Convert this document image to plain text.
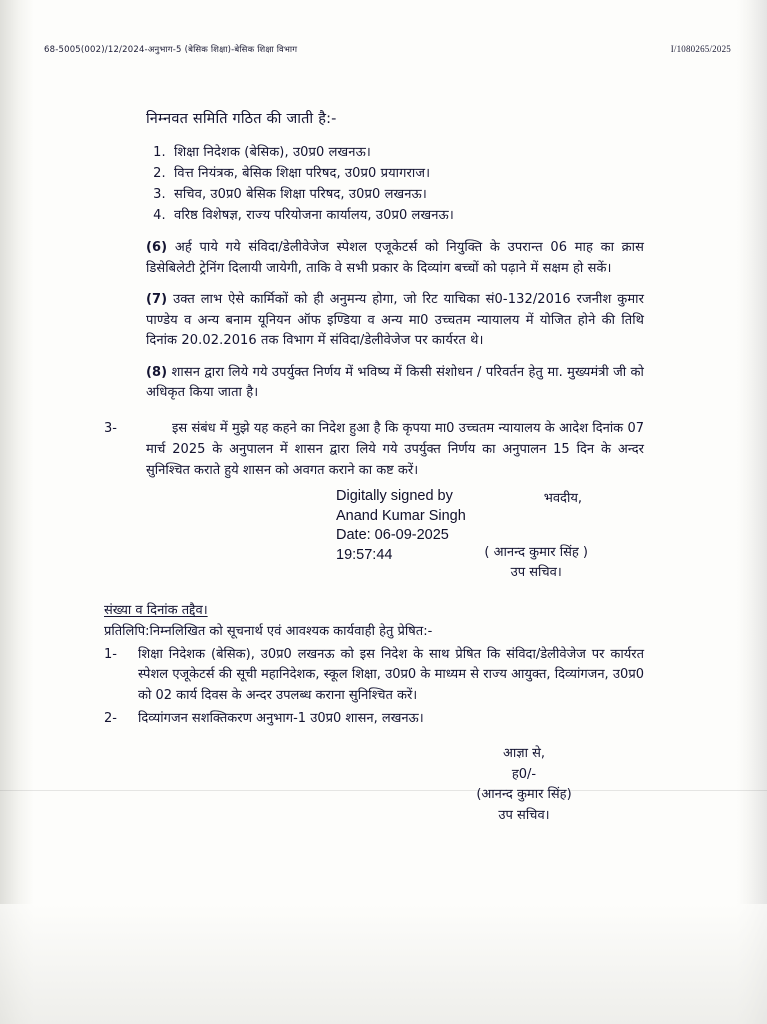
68-5005(002)/12/2024-अनुभाग-5 (बेसिक शिक्षा)-बेसिक शिक्षा विभाग	I/1080265/2025
निम्नवत समिति गठित की जाती है:-
1. शिक्षा निदेशक (बेसिक), उ0प्र0 लखनऊ।
2. वित्त नियंत्रक, बेसिक शिक्षा परिषद, उ0प्र0 प्रयागराज।
3. सचिव, उ0प्र0 बेसिक शिक्षा परिषद, उ0प्र0 लखनऊ।
4. वरिष्ठ विशेषज्ञ, राज्य परियोजना कार्यालय, उ0प्र0 लखनऊ।

(6) अर्ह पाये गये संविदा/डेलीवेजेज स्पेशल एजूकेटर्स को नियुक्ति के उपरान्त 06 माह का क्रास डिसेबिलेटी ट्रेनिंग दिलायी जायेगी, ताकि वे सभी प्रकार के दिव्यांग बच्चों को पढ़ाने में सक्षम हो सकें।

(7) उक्त लाभ ऐसे कार्मिकों को ही अनुमन्य होगा, जो रिट याचिका सं0-132/2016 रजनीश कुमार पाण्डेय व अन्य बनाम यूनियन ऑफ इण्डिया व अन्य मा0 उच्चतम न्यायालय में योजित होने की तिथि दिनांक 20.02.2016 तक विभाग में संविदा/डेलीवेजेज पर कार्यरत थे।

(8) शासन द्वारा लिये गये उपर्युक्त निर्णय में भविष्य में किसी संशोधन / परिवर्तन हेतु मा. मुख्यमंत्री जी को अधिकृत किया जाता है।

3-	इस संबंध में मुझे यह कहने का निदेश हुआ है कि कृपया मा0 उच्चतम न्यायालय के आदेश दिनांक 07 मार्च 2025 के अनुपालन में शासन द्वारा लिये गये उपर्युक्त निर्णय का अनुपालन 15 दिन के अन्दर सुनिश्चित कराते हुये शासन को अवगत कराने का कष्ट करें।
भवदीय,
Digitally signed by
Anand Kumar Singh
Date: 06-09-2025
19:57:44	( आनन्द कुमार सिंह )
उप सचिव।
संख्या व दिनांक तद्दैव।
प्रतिलिपि:निम्नलिखित को सूचनार्थ एवं आवश्यक कार्यवाही हेतु प्रेषित:-
1-	शिक्षा निदेशक (बेसिक), उ0प्र0 लखनऊ को इस निदेश के साथ प्रेषित कि संविदा/डेलीवेजेज पर कार्यरत स्पेशल एजूकेटर्स की सूची महानिदेशक, स्कूल शिक्षा, उ0प्र0 के माध्यम से राज्य आयुक्त, दिव्यांगजन, उ0प्र0 को 02 कार्य दिवस के अन्दर उपलब्ध कराना सुनिश्चित करें।
2-	दिव्यांगजन सशक्तिकरण अनुभाग-1 उ0प्र0 शासन, लखनऊ।
आज्ञा से,
ह0/-
(आनन्द कुमार सिंह)
उप सचिव।
